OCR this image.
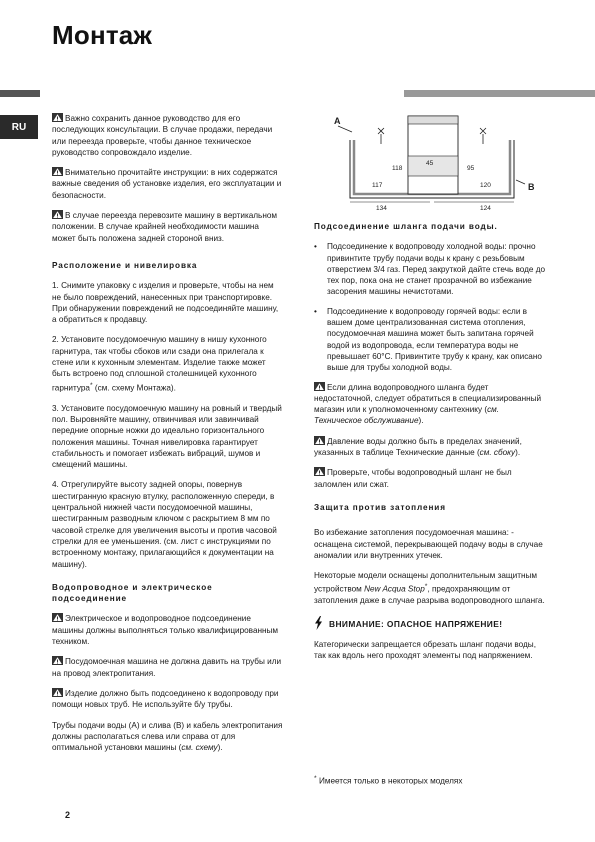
Монтаж
RU

Важно сохранить данное руководство для его последующих консультации. В случае продажи, передачи или переезда проверьте, чтобы данное техническое руководство сопровождало изделие.

Внимательно прочитайте инструкции: в них содержатся важные сведения об установке изделия, его эксплуатации и безопасности.

В случае переезда перевозите машину в вертикальном положении. В случае крайней необходимости машина может быть положена задней стороной вниз.

Расположение и нивелировка

1. Снимите упаковку с изделия и проверьте, чтобы на нем не было повреждений, нанесенных при транспортировке. При обнаружении повреждений не подсоединяйте машину, а обратиться к продавцу.

2. Установите посудомоечную машину в нишу кухонного гарнитура, так чтобы сбоков или сзади она прилегала к стене или к кухонным элементам. Изделие также может быть встроено под сплошной столешницей кухонного гарнитура* (см. схему Монтажа).

3. Установите посудомоечную машину на ровный и твердый пол. Выровняйте машину, отвинчивая или завинчивай передние опорные ножки до идеально горизонтального положения машины. Точная нивелировка гарантирует стабильность и помогает избежать вибраций, шумов и смещений машины.

4. Отрегулируйте высоту задней опоры, повернув шестигранную красную втулку, расположенную спереди, в центральной нижней части посудомоечной машины, шестигранным разводным ключом с раскрытием 8 мм по часовой стрелке для увеличения высоты и против часовой стрелки для ее уменьшения. (см. лист с инструкциями по встроенному монтажу, прилагающийся к документации на машину).

Водопроводное и электрическое подсоединение

Электрическое и водопроводное подсоединение машины должны выполняться только квалифицированным техником.

Посудомоечная машина не должна давить на трубы или на провод электропитания.

Изделие должно быть подсоединено к водопроводу при помощи новых труб. Не используйте б/у трубы.

Трубы подачи воды (A) и слива (B) и кабель электропитания должны располагаться слева или справа от для оптимальной установки машины (см. схему).

A
B
45
118	95
117	120
134	124
Подсоединение шланга подачи воды.
• Подсоединение к водопроводу холодной воды: прочно привинтите трубу подачи воды к крану с резьбовым отверстием 3/4 газ. Перед закруткой дайте стечь воде до тех пор, пока она не станет прозрачной во избежание засорения машины нечистотами.
• Подсоединение к водопроводу горячей воды: если в вашем доме централизованная система отопления, посудомоечная машина может быть запитана горячей водой из водопровода, если температура воды не превышает 60°С. Привинтите трубу к крану, как описано выше для трубы холодной воды.

Если длина водопроводного шланга будет недостаточной, следует обратиться в специализированный магазин или к уполномоченному сантехнику (см. Техническое обслуживание).

Давление воды должно быть в пределах значений, указанных в таблице Технические данные (см. сбоку).

Проверьте, чтобы водопроводный шланг не был заломлен или сжат.

Защита против затопления

Во избежание затопления посудомоечная машина: - оснащена системой, перекрывающей подачу воды в случае аномалии или внутренних утечек.

Некоторые модели оснащены дополнительным защитным устройством New Acqua Stop*, предохраняющим от затопления даже в случае разрыва водопроводного шланга.

ВНИМАНИЕ: ОПАСНОЕ НАПРЯЖЕНИЕ!

Категорически запрещается обрезать шланг подачи воды, так как вдоль него проходят элементы под напряжением.

* Имеется только в некоторых моделях
2
